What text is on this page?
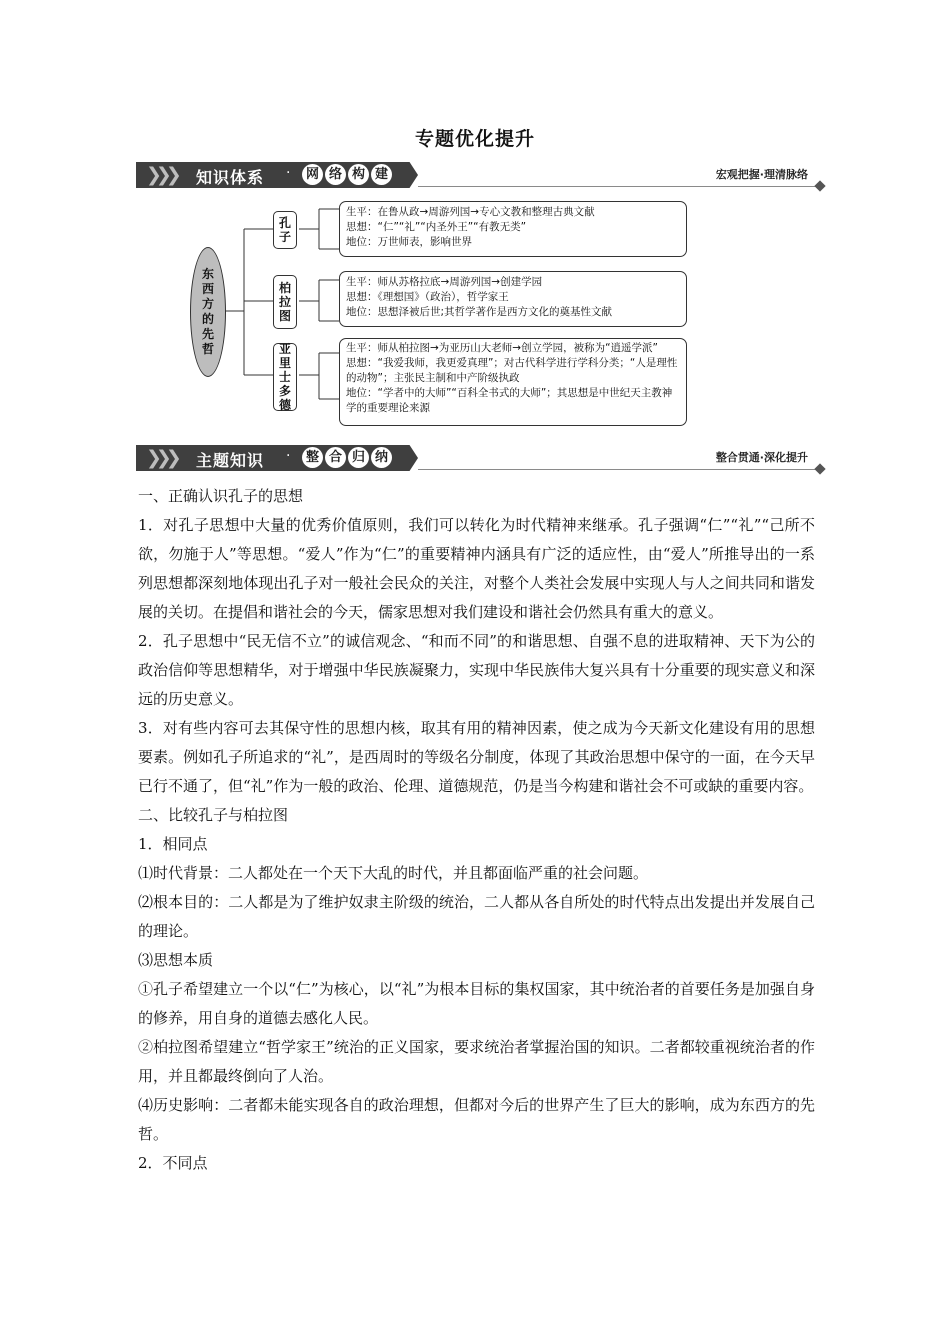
专题优化提升
❯❯❯ 知识体系 ·	网 络 构 建	宏观把握·理清脉络
东
西
方
的
先
哲
孔
子
柏
拉
图
亚
里
士
多
德
生平：在鲁从政→周游列国→专心文教和整理古典文献
思想：“仁”“礼”“内圣外王”“有教无类”
地位：万世师表，影响世界
生平：师从苏格拉底→周游列国→创建学园
思想：《理想国》（政治），哲学家王
地位：思想泽被后世;其哲学著作是西方文化的奠基性文献
生平：师从柏拉图→为亚历山大老师→创立学园，被称为“逍遥学派”
思想：“我爱我师，我更爱真理”；对古代科学进行学科分类；“人是理性的动物”；主张民主制和中产阶级执政
地位：“学者中的大师”“百科全书式的大师”；其思想是中世纪天主教神学的重要理论来源
❯❯❯ 主题知识 ·	整 合 归 纳	整合贯通·深化提升

一、正确认识孔子的思想

1．对孔子思想中大量的优秀价值原则，我们可以转化为时代精神来继承。孔子强调“仁”“礼”“己所不欲，勿施于人”等思想。“爱人”作为“仁”的重要精神内涵具有广泛的适应性，由“爱人”所推导出的一系列思想都深刻地体现出孔子对一般社会民众的关注，对整个人类社会发展中实现人与人之间共同和谐发展的关切。在提倡和谐社会的今天，儒家思想对我们建设和谐社会仍然具有重大的意义。

2．孔子思想中“民无信不立”的诚信观念、“和而不同”的和谐思想、自强不息的进取精神、天下为公的政治信仰等思想精华，对于增强中华民族凝聚力，实现中华民族伟大复兴具有十分重要的现实意义和深远的历史意义。

3．对有些内容可去其保守性的思想内核，取其有用的精神因素，使之成为今天新文化建设有用的思想要素。例如孔子所追求的“礼”，是西周时的等级名分制度，体现了其政治思想中保守的一面，在今天早已行不通了，但“礼”作为一般的政治、伦理、道德规范，仍是当今构建和谐社会不可或缺的重要内容。

二、比较孔子与柏拉图

1．相同点

⑴时代背景：二人都处在一个天下大乱的时代，并且都面临严重的社会问题。

⑵根本目的：二人都是为了维护奴隶主阶级的统治，二人都从各自所处的时代特点出发提出并发展自己的理论。

⑶思想本质

①孔子希望建立一个以“仁”为核心，以“礼”为根本目标的集权国家，其中统治者的首要任务是加强自身的修养，用自身的道德去感化人民。

②柏拉图希望建立“哲学家王”统治的正义国家，要求统治者掌握治国的知识。二者都较重视统治者的作用，并且都最终倒向了人治。

⑷历史影响：二者都未能实现各自的政治理想，但都对今后的世界产生了巨大的影响，成为东西方的先哲。

2．不同点
